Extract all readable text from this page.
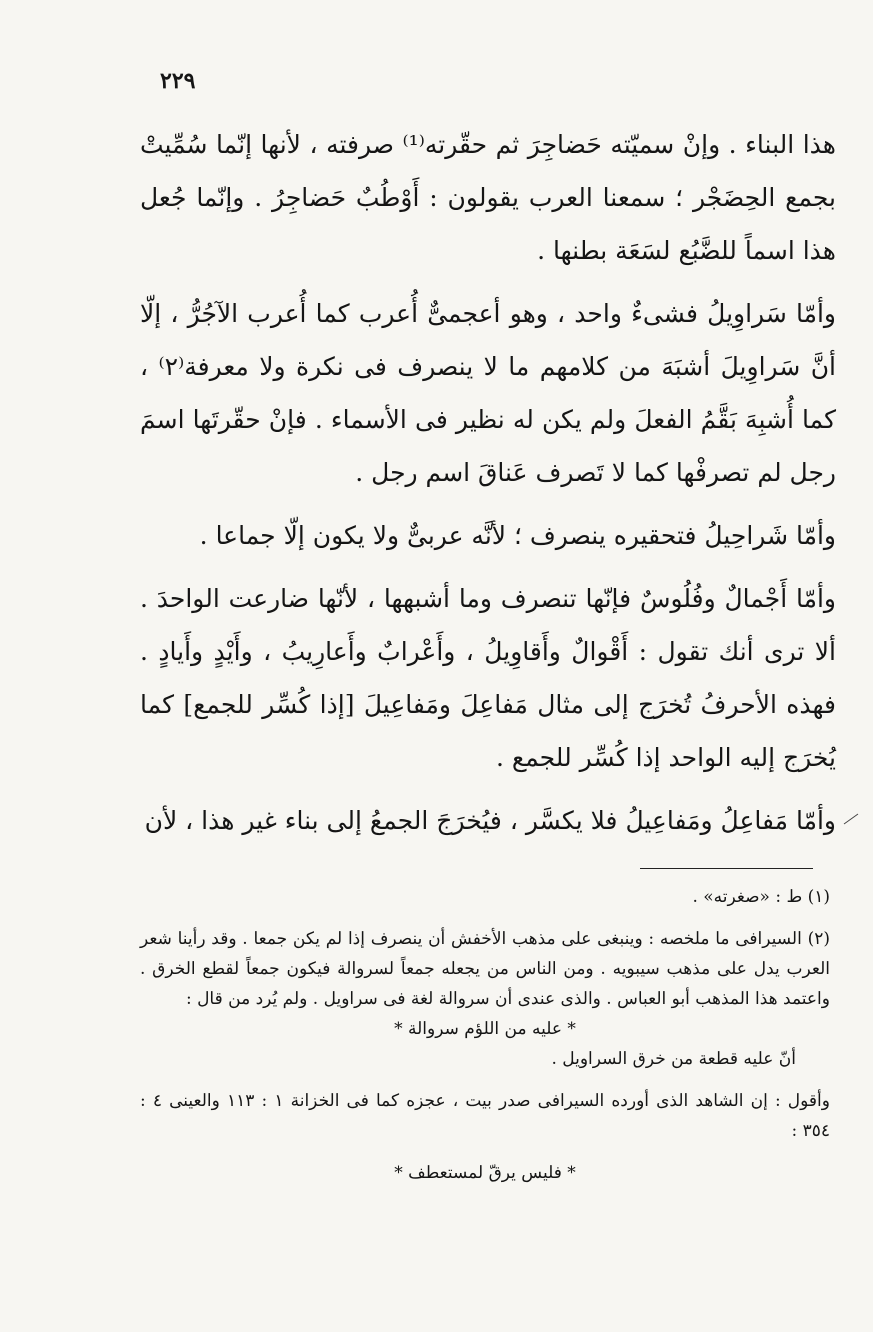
٢٢٩

هذا البناء . وإنْ سميّته حَضاجِرَ ثم حقّرته⁽¹⁾ صرفته ، لأنها إنّما سُمِّيتْ بجمع الحِضَجْر ؛ سمعنا العرب يقولون : أَوْطُبٌ حَضاجِرُ . وإنّما جُعل هذا اسماً للضَّبُع لسَعَة بطنها .

وأمّا سَراوِيلُ فشىءٌ واحد ، وهو أعجمىٌّ أُعرب كما أُعرب الآجُرُّ ، إلّا أنَّ سَراوِيلَ أشبَهَ من كلامهم ما لا ينصرف فى نكرة ولا معرفة⁽٢⁾ ، كما أُشبِهَ بَقَّمُ الفعلَ ولم يكن له نظير فى الأسماء . فإنْ حقّرتَها اسمَ رجل لم تصرفْها كما لا تَصرف عَناقَ اسم رجل .

وأمّا شَراحِيلُ فتحقيره ينصرف ؛ لأنَّه عربىٌّ ولا يكون إلّا جماعا .

وأمّا أَجْمالٌ وفُلُوسٌ فإنّها تنصرف وما أشبهها ، لأنّها ضارعت الواحدَ . ألا ترى أنك تقول : أَقْوالٌ وأَقاوِيلُ ، وأَعْرابٌ وأَعارِيبُ ، وأَيْدٍ وأَيادٍ . فهذه الأحرفُ تُخرَج إلى مثال مَفاعِلَ ومَفاعِيلَ [إذا كُسِّر للجمع] كما يُخرَج إليه الواحد إذا كُسِّر للجمع .

وأمّا مَفاعِلُ ومَفاعِيلُ فلا يكسَّر ، فيُخرَجَ الجمعُ إلى بناء غير هذا ، لأن

(١) ط : «صغرته» .

(٢) السيرافى ما ملخصه : وينبغى على مذهب الأخفش أن ينصرف إذا لم يكن جمعا . وقد رأينا شعر العرب يدل على مذهب سيبويه . ومن الناس من يجعله جمعاً لسروالة فيكون جمعاً لقطع الخرق . واعتمد هذا المذهب أبو العباس . والذى عندى أن سروالة لغة فى سراويل . ولم يُرد من قال :

* عليه من اللؤم سروالة *

أنّ عليه قطعة من خرق السراويل .

وأقول : إن الشاهد الذى أورده السيرافى صدر بيت ، عجزه كما فى الخزانة ١ : ١١٣ والعينى ٤ : ٣٥٤ :

* فليس يرقّ لمستعطف *
